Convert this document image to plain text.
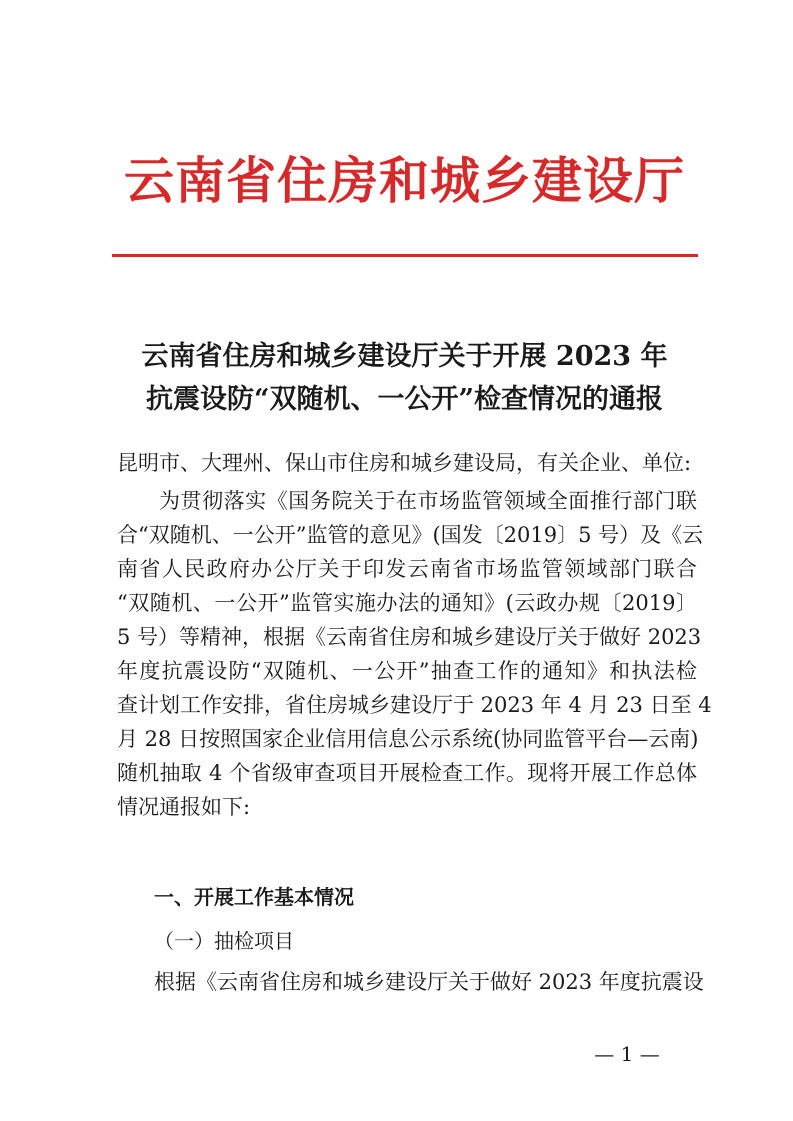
云南省住房和城乡建设厅
云南省住房和城乡建设厅关于开展 2023 年
抗震设防“双随机、一公开”检查情况的通报
昆明市、大理州、保山市住房和城乡建设局，有关企业、单位:
为贯彻落实《国务院关于在市场监管领域全面推行部门联
合“双随机、一公开”监管的意见》(国发〔2019〕5 号）及《云
南省人民政府办公厅关于印发云南省市场监管领域部门联合
“双随机、一公开”监管实施办法的通知》(云政办规〔2019〕
5 号）等精神，根据《云南省住房和城乡建设厅关于做好 2023
年度抗震设防“双随机、一公开”抽查工作的通知》和执法检
查计划工作安排，省住房城乡建设厅于 2023 年 4 月 23 日至 4
月 28 日按照国家企业信用信息公示系统(协同监管平台—云南)
随机抽取 4 个省级审查项目开展检查工作。现将开展工作总体
情况通报如下:
一、开展工作基本情况
（一）抽检项目
根据《云南省住房和城乡建设厅关于做好 2023 年度抗震设
— 1 —
